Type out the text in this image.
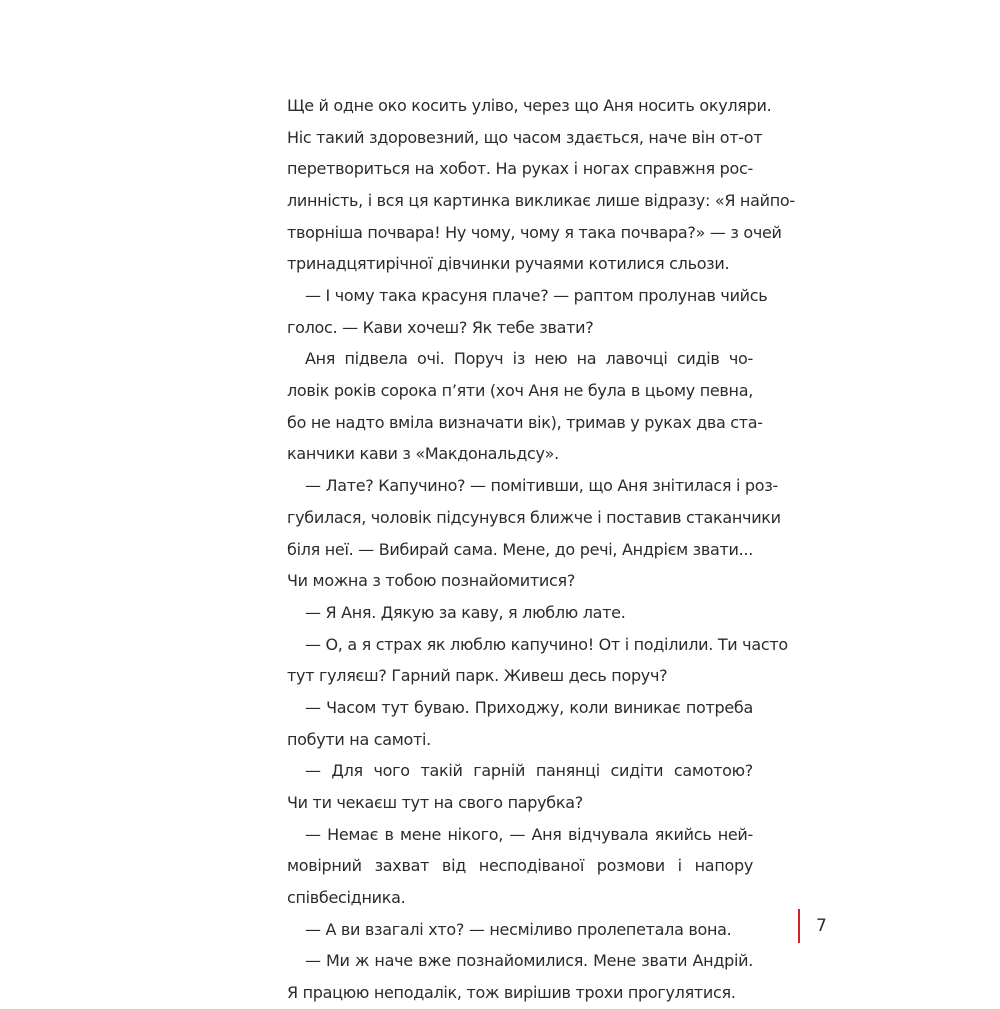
Ще й одне око косить уліво, через що Аня носить окуляри.
Ніс такий здоровезний, що часом здається, наче він от-от
перетвориться на хобот. На руках і ногах справжня рос-
линність, і вся ця картинка викликає лише відразу: «Я найпо-
творніша почвара! Ну чому, чому я така почвара?» — з очей
тринадцятирічної дівчинки ручаями котилися сльози.
— І чому така красуня плаче? — раптом пролунав чийсь
голос. — Кави хочеш? Як тебе звати?
Аня підвела очі. Поруч із нею на лавочці сидів чо-
ловік років сорока п’яти (хоч Аня не була в цьому певна,
бо не надто вміла визначати вік), тримав у руках два ста-
канчики кави з «Макдональдсу».
— Лате? Капучино? — помітивши, що Аня знітилася і роз-
губилася, чоловік підсунувся ближче і поставив стаканчики
біля неї. — Вибирай сама. Мене, до речі, Андрієм звати...
Чи можна з тобою познайомитися?
— Я Аня. Дякую за каву, я люблю лате.
— О, а я страх як люблю капучино! От і поділили. Ти часто
тут гуляєш? Гарний парк. Живеш десь поруч?
— Часом тут буваю. Приходжу, коли виникає потреба
побути на самоті.
— Для чого такій гарній панянці сидіти самотою?
Чи ти чекаєш тут на свого парубка?
— Немає в мене нікого, — Аня відчувала якийсь ней-
мовірний захват від несподіваної розмови і напору
співбесідника.
— А ви взагалі хто? — несміливо пролепетала вона.
— Ми ж наче вже познайомилися. Мене звати Андрій.
Я працюю неподалік, тож вирішив трохи прогулятися.
7
